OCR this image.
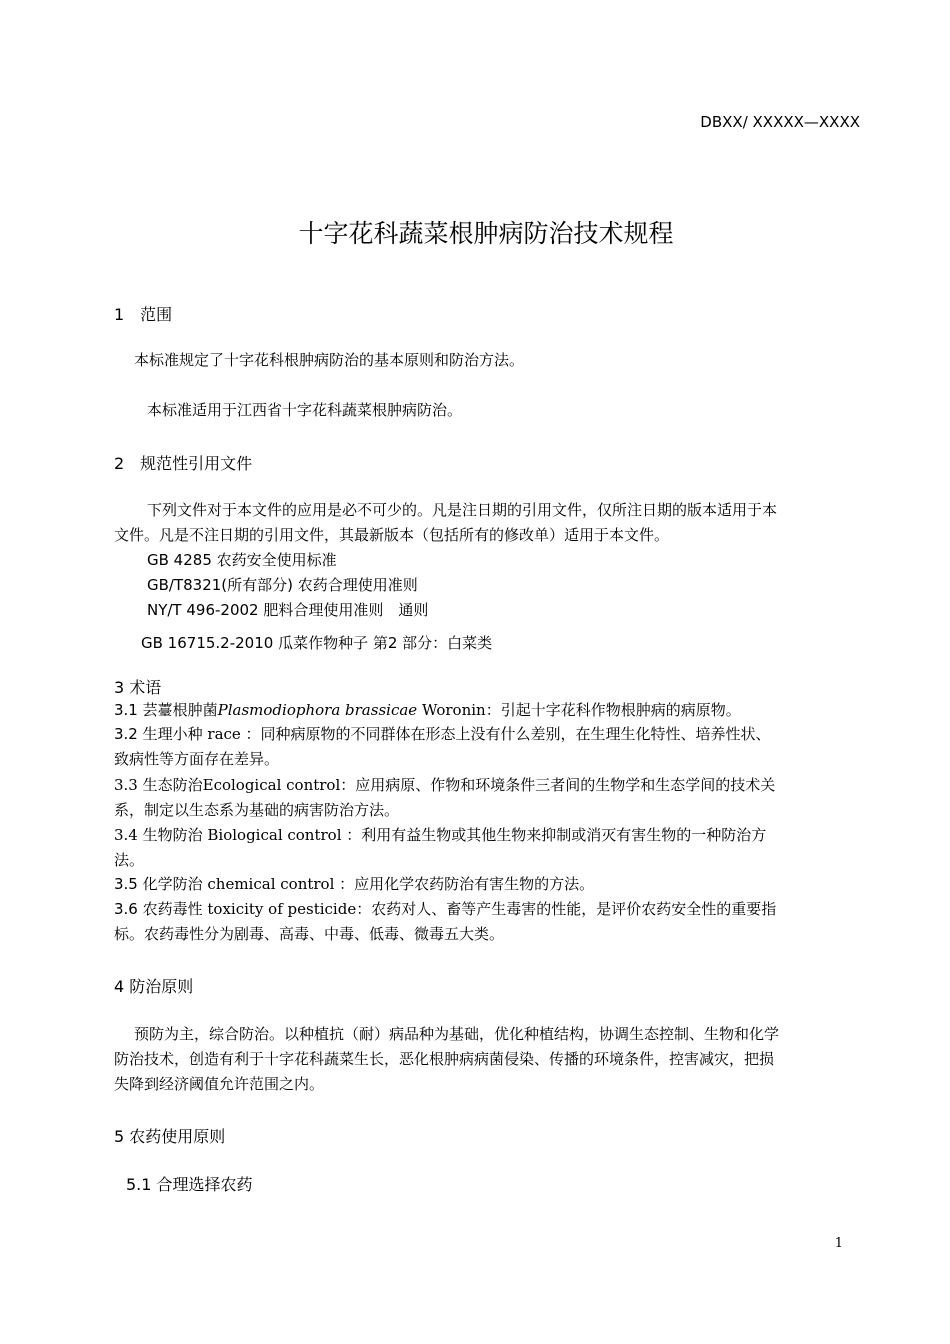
DBXX/ XXXXX—XXXX
十字花科蔬菜根肿病防治技术规程
1　范围
本标准规定了十字花科根肿病防治的基本原则和防治方法。
本标准适用于江西省十字花科蔬菜根肿病防治。
2　规范性引用文件
下列文件对于本文件的应用是必不可少的。凡是注日期的引用文件，仅所注日期的版本适用于本
文件。凡是不注日期的引用文件，其最新版本（包括所有的修改单）适用于本文件。
GB 4285 农药安全使用标准
GB/T8321(所有部分) 农药合理使用准则
NY/T 496-2002 肥料合理使用准则　通则
GB 16715.2-2010 瓜菜作物种子 第2 部分：白菜类
3 术语
3.1 芸薹根肿菌Plasmodiophora brassicae Woronin：引起十字花科作物根肿病的病原物。
3.2 生理小种 race ：同种病原物的不同群体在形态上没有什么差别，在生理生化特性、培养性状、
致病性等方面存在差异。
3.3 生态防治Ecological control：应用病原、作物和环境条件三者间的生物学和生态学间的技术关
系，制定以生态系为基础的病害防治方法。
3.4 生物防治 Biological control ：利用有益生物或其他生物来抑制或消灭有害生物的一种防治方
法。
3.5 化学防治 chemical control ：应用化学农药防治有害生物的方法。
3.6 农药毒性 toxicity of pesticide：农药对人、畜等产生毒害的性能，是评价农药安全性的重要指
标。农药毒性分为剧毒、高毒、中毒、低毒、微毒五大类。
4 防治原则
预防为主，综合防治。以种植抗（耐）病品种为基础，优化种植结构，协调生态控制、生物和化学
防治技术，创造有利于十字花科蔬菜生长，恶化根肿病病菌侵染、传播的环境条件，控害减灾，把损
失降到经济阈值允许范围之内。
5 农药使用原则
5.1 合理选择农药
1
